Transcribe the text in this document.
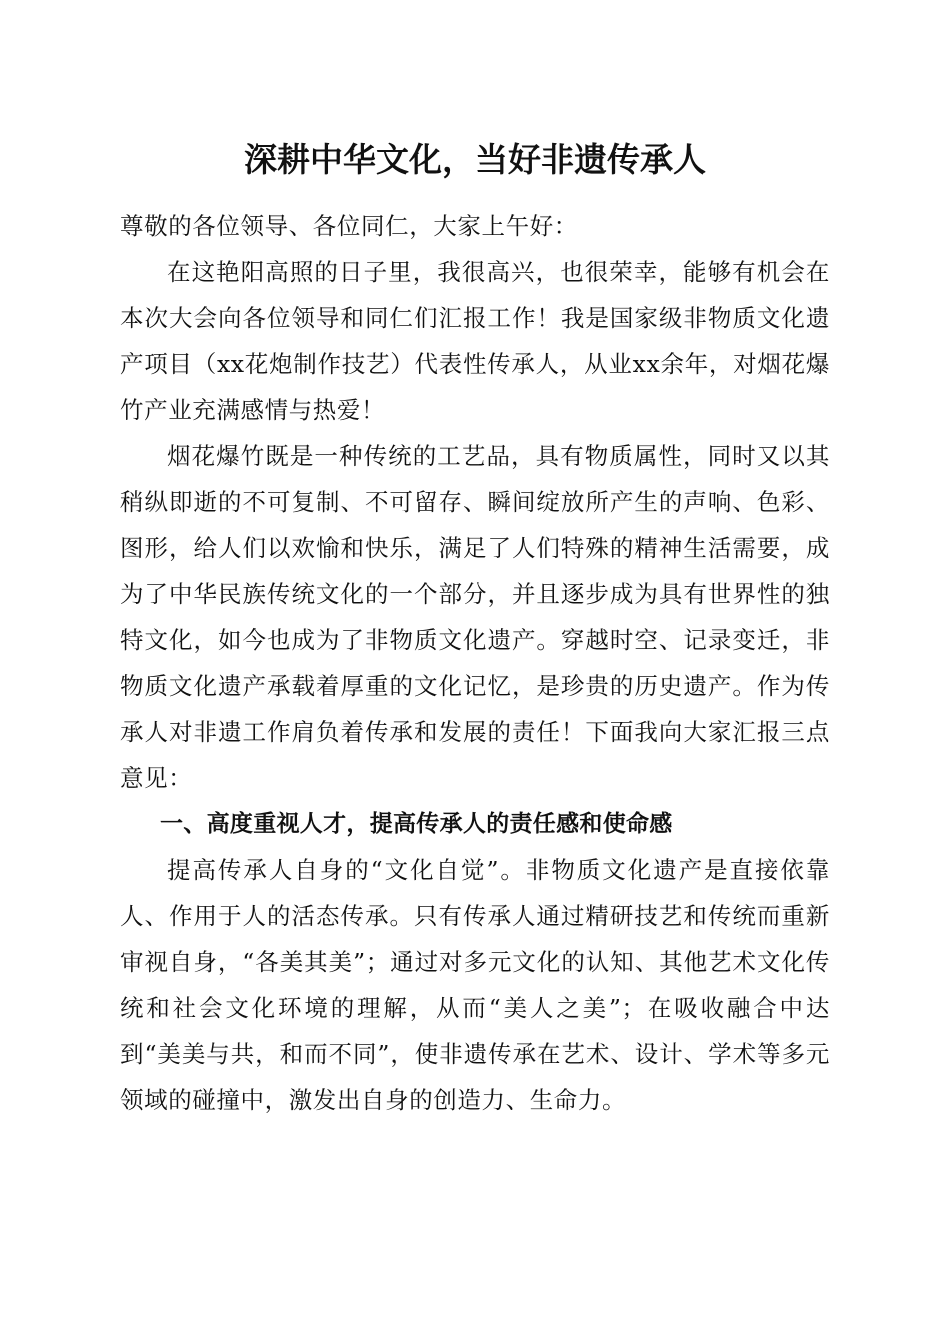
深耕中华文化，当好非遗传承人

尊敬的各位领导、各位同仁，大家上午好：

在这艳阳高照的日子里，我很高兴，也很荣幸，能够有机会在本次大会向各位领导和同仁们汇报工作！我是国家级非物质文化遗产项目（xx花炮制作技艺）代表性传承人，从业xx余年，对烟花爆竹产业充满感情与热爱！

烟花爆竹既是一种传统的工艺品，具有物质属性，同时又以其稍纵即逝的不可复制、不可留存、瞬间绽放所产生的声响、色彩、图形，给人们以欢愉和快乐，满足了人们特殊的精神生活需要，成为了中华民族传统文化的一个部分，并且逐步成为具有世界性的独特文化，如今也成为了非物质文化遗产。穿越时空、记录变迁，非物质文化遗产承载着厚重的文化记忆，是珍贵的历史遗产。作为传承人对非遗工作肩负着传承和发展的责任！下面我向大家汇报三点意见：

一、高度重视人才，提高传承人的责任感和使命感

提高传承人自身的“文化自觉”。非物质文化遗产是直接依靠人、作用于人的活态传承。只有传承人通过精研技艺和传统而重新审视自身，“各美其美”；通过对多元文化的认知、其他艺术文化传统和社会文化环境的理解，从而“美人之美”；在吸收融合中达到“美美与共，和而不同”，使非遗传承在艺术、设计、学术等多元领域的碰撞中，激发出自身的创造力、生命力。
